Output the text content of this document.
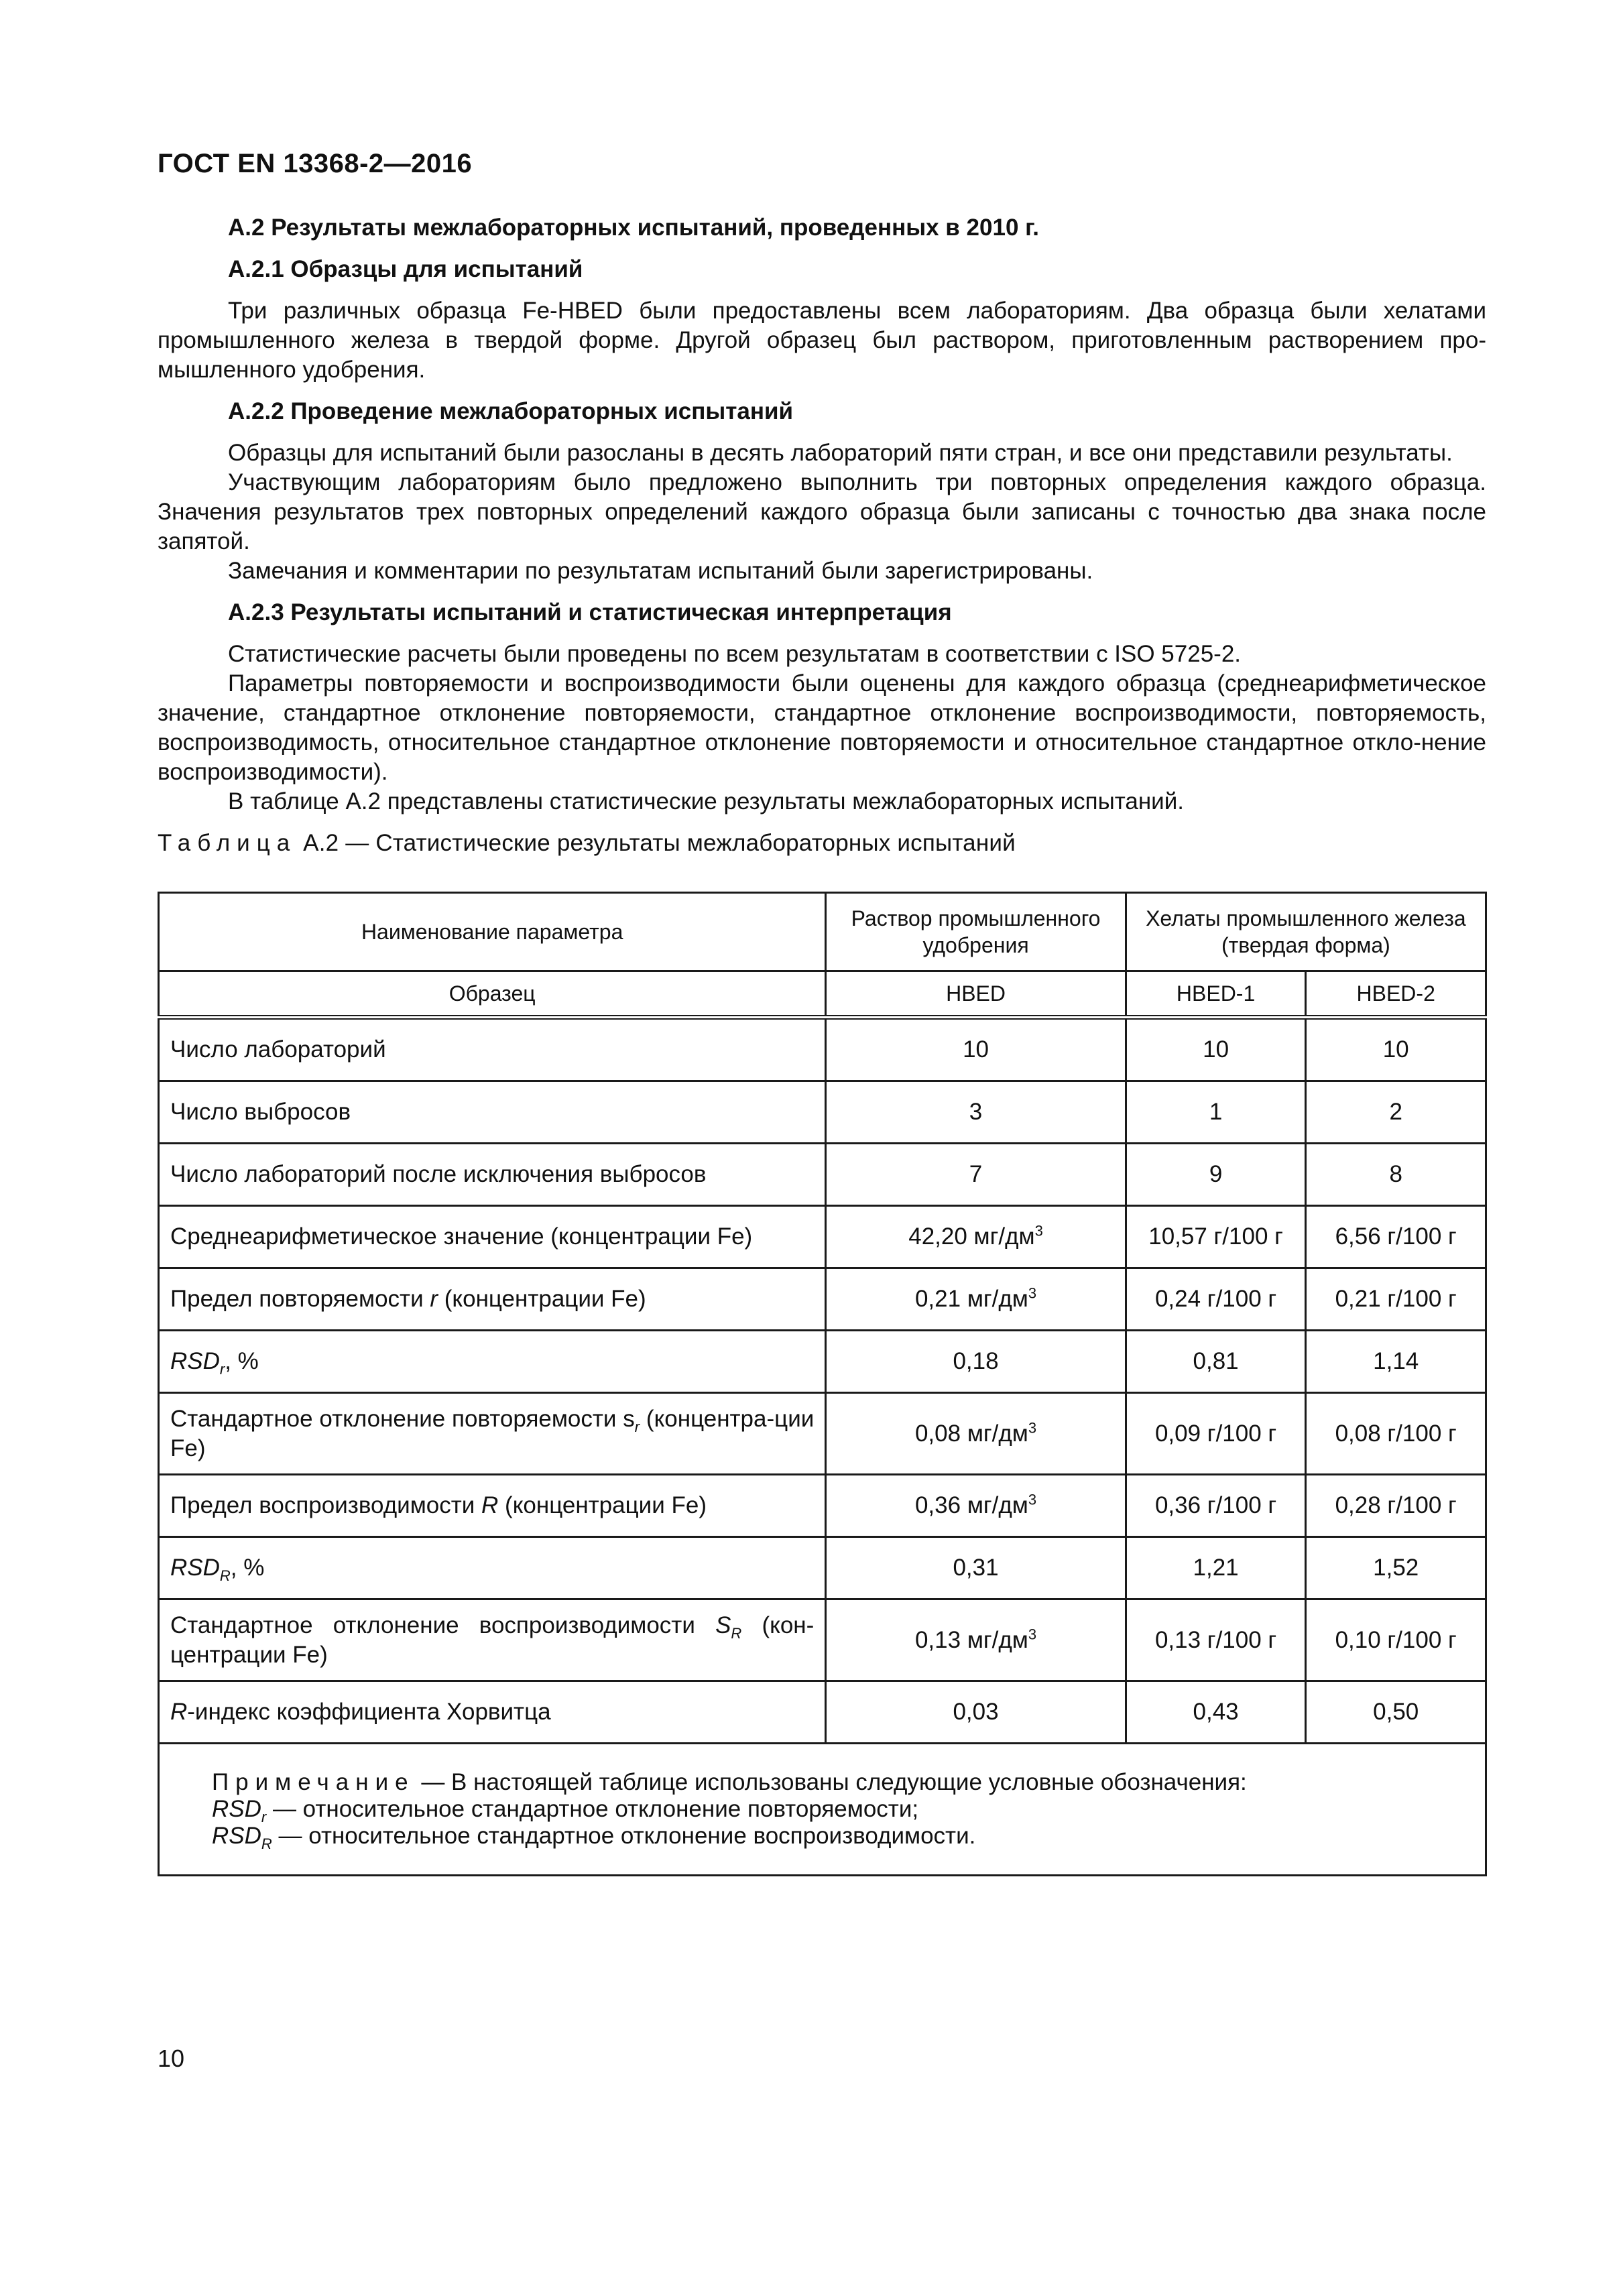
ГОСТ EN 13368-2—2016
А.2 Результаты межлабораторных испытаний, проведенных в 2010 г.
А.2.1 Образцы для испытаний
Три различных образца Fe-HBED были предоставлены всем лабораториям. Два образца были хелатами промышленного железа в твердой форме. Другой образец был раствором, приготовленным растворением про-мышленного удобрения.
А.2.2 Проведение межлабораторных испытаний
Образцы для испытаний были разосланы в десять лабораторий пяти стран, и все они представили результаты.
Участвующим лабораториям было предложено выполнить три повторных определения каждого образца. Значения результатов трех повторных определений каждого образца были записаны с точностью два знака после запятой.
Замечания и комментарии по результатам испытаний были зарегистрированы.
А.2.3 Результаты испытаний и статистическая интерпретация
Статистические расчеты были проведены по всем результатам в соответствии с ISO 5725-2.
Параметры повторяемости и воспроизводимости были оценены для каждого образца (среднеарифметическое значение, стандартное отклонение повторяемости, стандартное отклонение воспроизводимости, повторяемость, воспроизводимость, относительное стандартное отклонение повторяемости и относительное стандартное откло-нение воспроизводимости).
В таблице А.2 представлены статистические результаты межлабораторных испытаний.
Таблица А.2 — Статистические результаты межлабораторных испытаний
Наименование параметра	Раствор промышленного удобрения	Хелаты промышленного железа (твердая форма)	
Образец	HBED	HBED-1	HBED-2
Число лабораторий	10	10	10
Число выбросов	3	1	2
Число лабораторий после исключения выбросов	7	9	8
Среднеарифметическое значение (концентрации Fe)	42,20 $мг/дм^3$	10,57 г/100 г	6,56 г/100 г
Предел повторяемости r (концентрации Fe)	0,21 $мг/дм^3$	0,24 г/100 г	0,21 г/100 г
$RSD_r$, %	0,18	0,81	1,14
Стандартное отклонение повторяемости $s_r$ (концентра-ции Fe)	0,08 $мг/дм^3$	0,09 г/100 г	0,08 г/100 г
Предел воспроизводимости R (концентрации Fe)	0,36 $мг/дм^3$	0,36 г/100 г	0,28 г/100 г
$RSD_R$, %	0,31	1,21	1,52
Стандартное отклонение воспроизводимости $S_R$ (кон-центрации Fe)	0,13 $мг/дм^3$	0,13 г/100 г	0,10 г/100 г
R-индекс коэффициента Хорвитца	0,03	0,43	0,50

Примечание — В настоящей таблице использованы следующие условные обозначения:
$RSD_r$ — относительное стандартное отклонение повторяемости;
$RSD_R$ — относительное стандартное отклонение воспроизводимости.			
10
